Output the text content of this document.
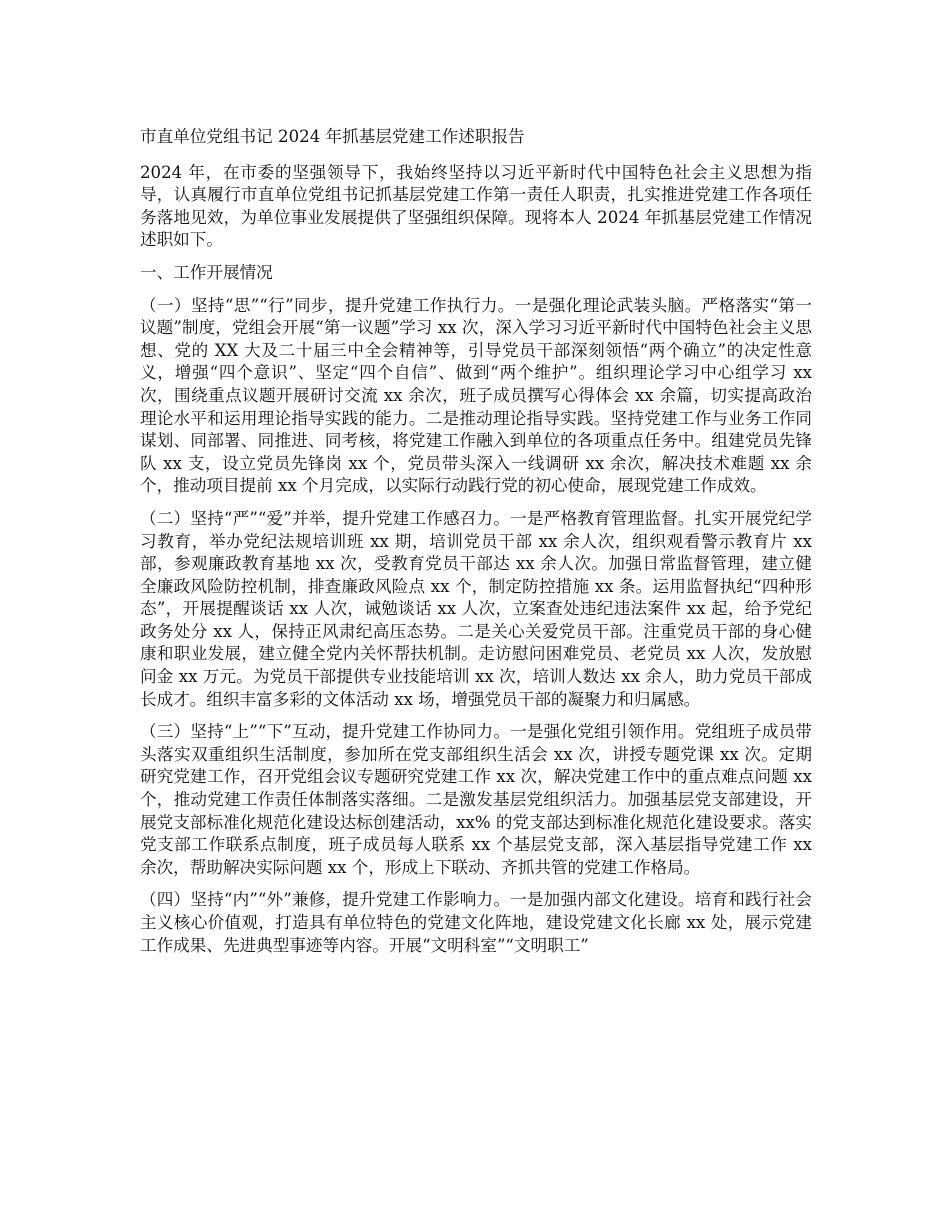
市直单位党组书记 2024 年抓基层党建工作述职报告

2024 年，在市委的坚强领导下，我始终坚持以习近平新时代中国特色社会主义思想为指导，认真履行市直单位党组书记抓基层党建工作第一责任人职责，扎实推进党建工作各项任务落地见效，为单位事业发展提供了坚强组织保障。现将本人 2024 年抓基层党建工作情况述职如下。

一、工作开展情况

（一）坚持“思”“行”同步，提升党建工作执行力。一是强化理论武装头脑。严格落实“第一议题”制度，党组会开展“第一议题”学习 xx 次，深入学习习近平新时代中国特色社会主义思想、党的 XX 大及二十届三中全会精神等，引导党员干部深刻领悟“两个确立”的决定性意义，增强“四个意识”、坚定“四个自信”、做到“两个维护”。组织理论学习中心组学习 xx 次，围绕重点议题开展研讨交流 xx 余次，班子成员撰写心得体会 xx 余篇，切实提高政治理论水平和运用理论指导实践的能力。二是推动理论指导实践。坚持党建工作与业务工作同谋划、同部署、同推进、同考核，将党建工作融入到单位的各项重点任务中。组建党员先锋队 xx 支，设立党员先锋岗 xx 个，党员带头深入一线调研 xx 余次，解决技术难题 xx 余个，推动项目提前 xx 个月完成，以实际行动践行党的初心使命，展现党建工作成效。

（二）坚持“严”“爱”并举，提升党建工作感召力。一是严格教育管理监督。扎实开展党纪学习教育，举办党纪法规培训班 xx 期，培训党员干部 xx 余人次，组织观看警示教育片 xx 部，参观廉政教育基地 xx 次，受教育党员干部达 xx 余人次。加强日常监督管理，建立健全廉政风险防控机制，排查廉政风险点 xx 个，制定防控措施 xx 条。运用监督执纪“四种形态”，开展提醒谈话 xx 人次，诫勉谈话 xx 人次，立案查处违纪违法案件 xx 起，给予党纪政务处分 xx 人，保持正风肃纪高压态势。二是关心关爱党员干部。注重党员干部的身心健康和职业发展，建立健全党内关怀帮扶机制。走访慰问困难党员、老党员 xx 人次，发放慰问金 xx 万元。为党员干部提供专业技能培训 xx 次，培训人数达 xx 余人，助力党员干部成长成才。组织丰富多彩的文体活动 xx 场，增强党员干部的凝聚力和归属感。

（三）坚持“上”“下”互动，提升党建工作协同力。一是强化党组引领作用。党组班子成员带头落实双重组织生活制度，参加所在党支部组织生活会 xx 次，讲授专题党课 xx 次。定期研究党建工作，召开党组会议专题研究党建工作 xx 次，解决党建工作中的重点难点问题 xx 个，推动党建工作责任体制落实落细。二是激发基层党组织活力。加强基层党支部建设，开展党支部标准化规范化建设达标创建活动，xx% 的党支部达到标准化规范化建设要求。落实党支部工作联系点制度，班子成员每人联系 xx 个基层党支部，深入基层指导党建工作 xx 余次，帮助解决实际问题 xx 个，形成上下联动、齐抓共管的党建工作格局。

（四）坚持“内”“外”兼修，提升党建工作影响力。一是加强内部文化建设。培育和践行社会主义核心价值观，打造具有单位特色的党建文化阵地，建设党建文化长廊 xx 处，展示党建工作成果、先进典型事迹等内容。开展“文明科室”“文明职工”
